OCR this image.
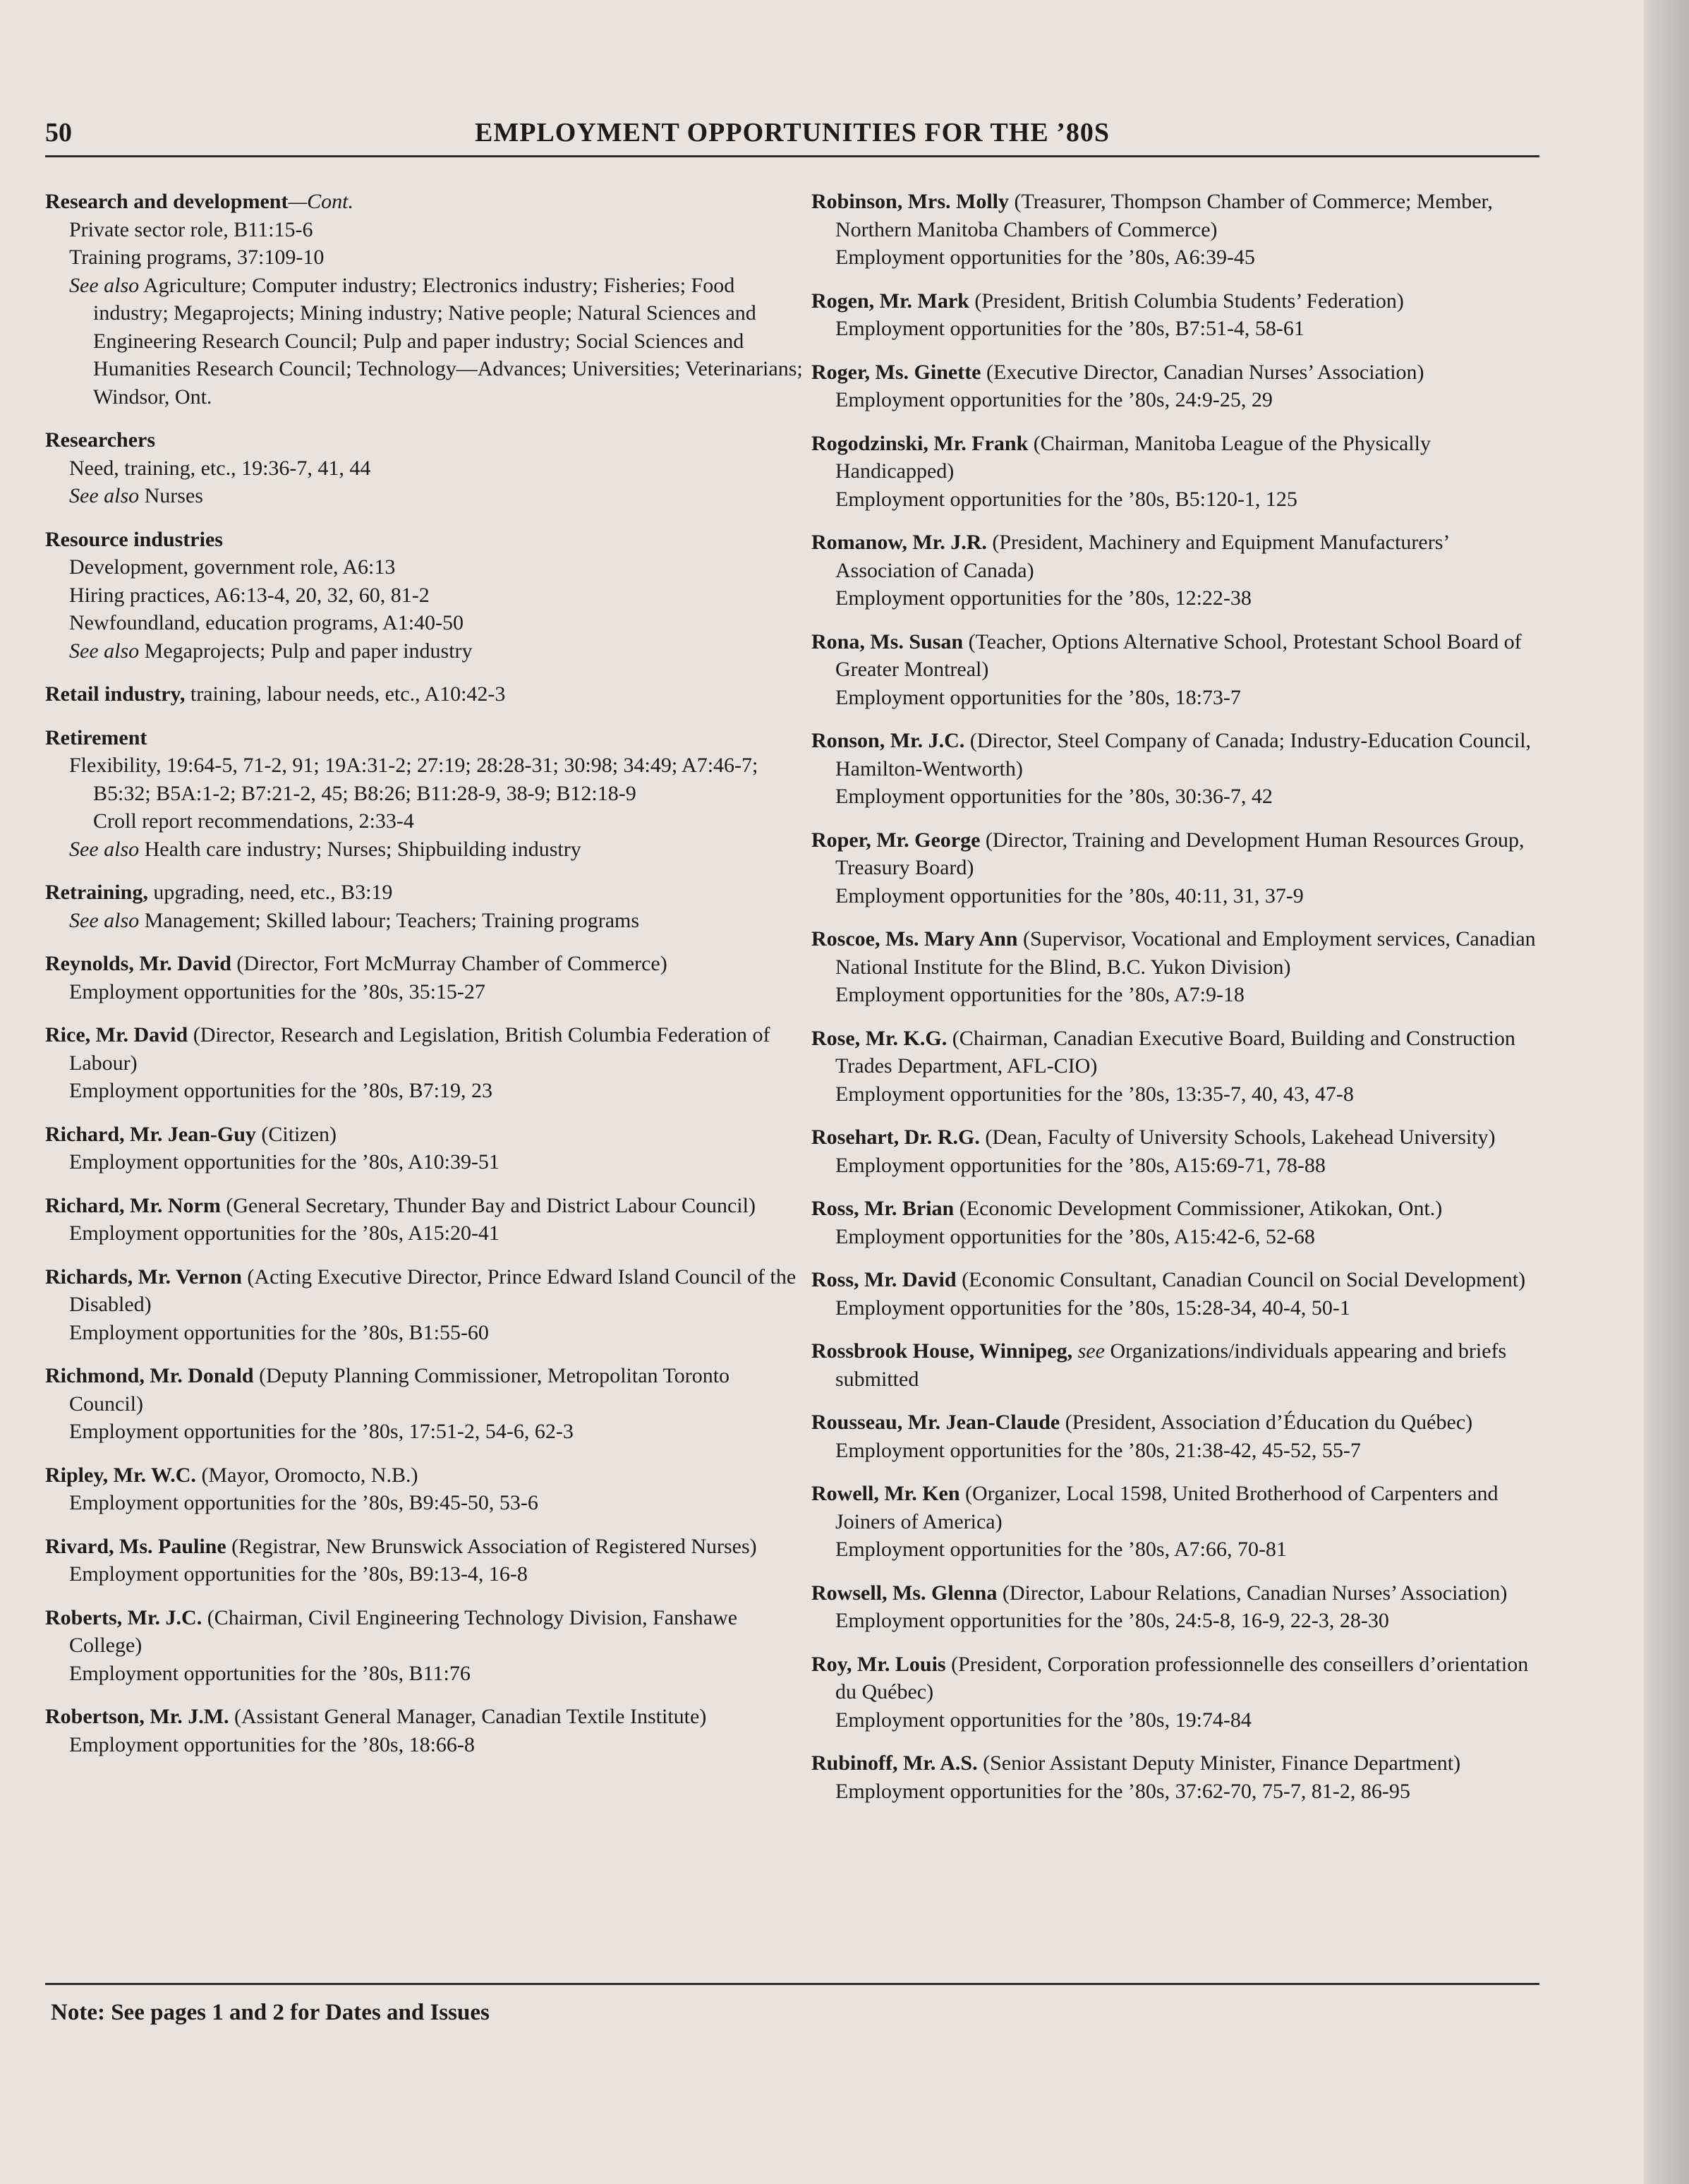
50	EMPLOYMENT OPPORTUNITIES FOR THE ’80S
Research and development—Cont.
Private sector role, B11:15-6
Training programs, 37:109-10
See also Agriculture; Computer industry; Electronics industry; Fisheries; Food industry; Megaprojects; Mining industry; Native people; Natural Sciences and Engineering Research Council; Pulp and paper industry; Social Sciences and Humanities Research Council; Technology—Advances; Universities; Veterinarians; Windsor, Ont.
Researchers
Need, training, etc., 19:36-7, 41, 44
See also Nurses
Resource industries
Development, government role, A6:13
Hiring practices, A6:13-4, 20, 32, 60, 81-2
Newfoundland, education programs, A1:40-50
See also Megaprojects; Pulp and paper industry
Retail industry, training, labour needs, etc., A10:42-3
Retirement
Flexibility, 19:64-5, 71-2, 91; 19A:31-2; 27:19; 28:28-31; 30:98; 34:49; A7:46-7; B5:32; B5A:1-2; B7:21-2, 45; B8:26; B11:28-9, 38-9; B12:18-9
Croll report recommendations, 2:33-4
See also Health care industry; Nurses; Shipbuilding industry
Retraining, upgrading, need, etc., B3:19
See also Management; Skilled labour; Teachers; Training programs
Reynolds, Mr. David (Director, Fort McMurray Chamber of Commerce)
Employment opportunities for the ’80s, 35:15-27
Rice, Mr. David (Director, Research and Legislation, British Columbia Federation of Labour)
Employment opportunities for the ’80s, B7:19, 23
Richard, Mr. Jean-Guy (Citizen)
Employment opportunities for the ’80s, A10:39-51
Richard, Mr. Norm (General Secretary, Thunder Bay and District Labour Council)
Employment opportunities for the ’80s, A15:20-41
Richards, Mr. Vernon (Acting Executive Director, Prince Edward Island Council of the Disabled)
Employment opportunities for the ’80s, B1:55-60
Richmond, Mr. Donald (Deputy Planning Commissioner, Metropolitan Toronto Council)
Employment opportunities for the ’80s, 17:51-2, 54-6, 62-3
Ripley, Mr. W.C. (Mayor, Oromocto, N.B.)
Employment opportunities for the ’80s, B9:45-50, 53-6
Rivard, Ms. Pauline (Registrar, New Brunswick Association of Registered Nurses)
Employment opportunities for the ’80s, B9:13-4, 16-8
Roberts, Mr. J.C. (Chairman, Civil Engineering Technology Division, Fanshawe College)
Employment opportunities for the ’80s, B11:76
Robertson, Mr. J.M. (Assistant General Manager, Canadian Textile Institute)
Employment opportunities for the ’80s, 18:66-8
Robinson, Mrs. Molly (Treasurer, Thompson Chamber of Commerce; Member, Northern Manitoba Chambers of Commerce)
Employment opportunities for the ’80s, A6:39-45
Rogen, Mr. Mark (President, British Columbia Students’ Federation)
Employment opportunities for the ’80s, B7:51-4, 58-61
Roger, Ms. Ginette (Executive Director, Canadian Nurses’ Association)
Employment opportunities for the ’80s, 24:9-25, 29
Rogodzinski, Mr. Frank (Chairman, Manitoba League of the Physically Handicapped)
Employment opportunities for the ’80s, B5:120-1, 125
Romanow, Mr. J.R. (President, Machinery and Equipment Manufacturers’ Association of Canada)
Employment opportunities for the ’80s, 12:22-38
Rona, Ms. Susan (Teacher, Options Alternative School, Protestant School Board of Greater Montreal)
Employment opportunities for the ’80s, 18:73-7
Ronson, Mr. J.C. (Director, Steel Company of Canada; Industry-Education Council, Hamilton-Wentworth)
Employment opportunities for the ’80s, 30:36-7, 42
Roper, Mr. George (Director, Training and Development Human Resources Group, Treasury Board)
Employment opportunities for the ’80s, 40:11, 31, 37-9
Roscoe, Ms. Mary Ann (Supervisor, Vocational and Employment services, Canadian National Institute for the Blind, B.C. Yukon Division)
Employment opportunities for the ’80s, A7:9-18
Rose, Mr. K.G. (Chairman, Canadian Executive Board, Building and Construction Trades Department, AFL-CIO)
Employment opportunities for the ’80s, 13:35-7, 40, 43, 47-8
Rosehart, Dr. R.G. (Dean, Faculty of University Schools, Lakehead University)
Employment opportunities for the ’80s, A15:69-71, 78-88
Ross, Mr. Brian (Economic Development Commissioner, Atikokan, Ont.)
Employment opportunities for the ’80s, A15:42-6, 52-68
Ross, Mr. David (Economic Consultant, Canadian Council on Social Development)
Employment opportunities for the ’80s, 15:28-34, 40-4, 50-1
Rossbrook House, Winnipeg, see Organizations/individuals appearing and briefs submitted
Rousseau, Mr. Jean-Claude (President, Association d’Éducation du Québec)
Employment opportunities for the ’80s, 21:38-42, 45-52, 55-7
Rowell, Mr. Ken (Organizer, Local 1598, United Brotherhood of Carpenters and Joiners of America)
Employment opportunities for the ’80s, A7:66, 70-81
Rowsell, Ms. Glenna (Director, Labour Relations, Canadian Nurses’ Association)
Employment opportunities for the ’80s, 24:5-8, 16-9, 22-3, 28-30
Roy, Mr. Louis (President, Corporation professionnelle des conseillers d’orientation du Québec)
Employment opportunities for the ’80s, 19:74-84
Rubinoff, Mr. A.S. (Senior Assistant Deputy Minister, Finance Department)
Employment opportunities for the ’80s, 37:62-70, 75-7, 81-2, 86-95
Note: See pages 1 and 2 for Dates and Issues
